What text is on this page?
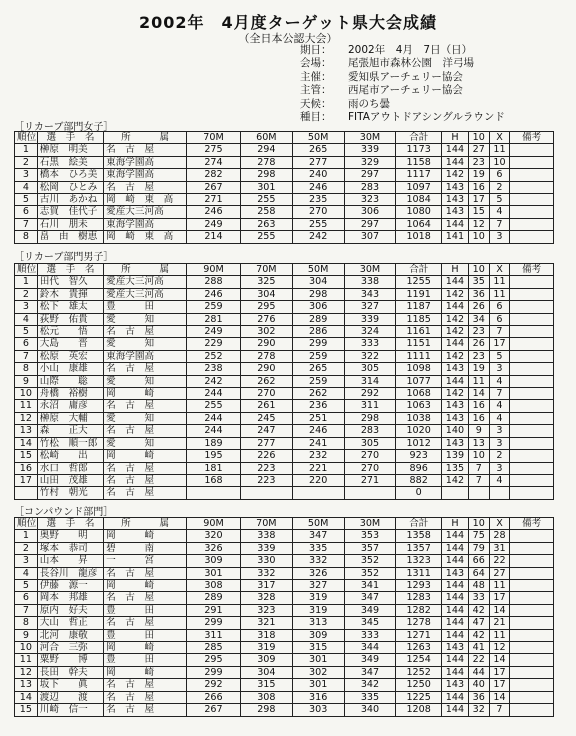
2002年　4月度ターゲット県大会成績
（全日本公認大会）
期日：	2002年　4月　7日（日）
会場：	尾張旭市森林公園　洋弓場
主催：	愛知県アーチェリー協会
主管：	西尾市アーチェリー協会
天候：	雨のち曇
種目：	FITAアウトドアシングルラウンド
［リカーブ部門女子］
順位	選　手　名	所　　　属	70M	60M	50M	30M	合計	H	10	X	備考
1	榊原　明美	名　古　屋	275	294	265	339	1173	144	27	11	
2	石黒　絵美	東海学園高	274	278	277	329	1158	144	23	10	
3	橋本　ひろ美	東海学園高	282	298	240	297	1117	142	19	6	
4	松岡　ひとみ	名　古　屋	267	301	246	283	1097	143	16	2	
5	古川　あかね	岡　崎　東　高	271	255	235	323	1084	143	17	5	
6	志賀　佳代子	愛産大三河高	246	258	270	306	1080	143	15	4	
7	石川　朋未	東海学園高	249	263	255	297	1064	144	12	7	
8	畠　由　樹恵	岡　崎　東　高	214	255	242	307	1018	141	10	3	
［リカーブ部門男子］
順位	選　手　名	所　　　属	90M	70M	50M	30M	合計	H	10	X	備考
1	田代　智久	愛産大三河高	288	325	304	338	1255	144	35	11	
2	鈴木　貴揮	愛産大三河高	246	304	298	343	1191	142	36	11	
3	松下　雄太	豊　　　田	259	295	306	327	1187	144	26	6	
4	荻野　佑貴	愛　　　知	281	276	289	339	1185	142	34	6	
5	松元　　悟	名　古　屋	249	302	286	324	1161	142	23	7	
6	大島　　晋	愛　　　知	229	290	299	333	1151	144	26	17	
7	松原　英宏	東海学園高	252	278	259	322	1111	142	23	5	
8	小山　康雄	名　古　屋	238	290	265	305	1098	143	19	3	
9	山際　　聡	愛　　　知	242	262	259	314	1077	144	11	4	
10	舟橋　裕樹	岡　　　崎	244	270	262	292	1068	142	14	7	
11	永沼　庸彦	名　古　屋	255	261	236	311	1063	143	16	4	
12	榊原　大輔	愛　　　知	244	245	251	298	1038	143	16	4	
13	森　　正大	名　古　屋	244	247	246	283	1020	140	9	3	
14	竹松　順一郎	愛　　　知	189	277	241	305	1012	143	13	3	
15	松崎　　出	岡　　　崎	195	226	232	270	923	139	10	2	
16	水口　哲郎	名　古　屋	181	223	221	270	896	135	7	3	
17	山田　茂雄	名　古　屋	168	223	220	271	882	142	7	4	
	竹村　朝光	名　古　屋					0				
［コンパウンド部門］
順位	選　手　名	所　　　属	90M	70M	50M	30M	合計	H	10	X	備考
1	奥野　　明	岡　　　崎	320	338	347	353	1358	144	75	28	
2	塚本　恭司	碧　　　南	326	339	335	357	1357	144	79	31	
3	山本　　昇	一　　　宮	309	330	332	352	1323	144	66	22	
4	長谷川　龍彦	名　古　屋	301	332	326	352	1311	143	64	27	
5	伊藤　源一	岡　　　崎	308	317	327	341	1293	144	48	11	
6	岡本　邦雄	名　古　屋	289	328	319	347	1283	144	33	17	
7	原内　好夫	豊　　　田	291	323	319	349	1282	144	42	14	
8	大山　哲正	名　古　屋	299	321	313	345	1278	144	47	21	
9	北河　康敬	豊　　　田	311	318	309	333	1271	144	42	11	
10	河合　三弥	岡　　　崎	285	319	315	344	1263	143	41	12	
11	粟野　　博	豊　　　田	295	309	301	349	1254	144	22	14	
12	長田　幹夫	岡　　　崎	299	304	302	347	1252	144	44	17	
13	坂下　　眞	名　古　屋	292	315	301	342	1250	143	40	17	
14	渡辺　　渡	名　古　屋	266	308	316	335	1225	144	36	14	
15	川崎　信一	名　古　屋	267	298	303	340	1208	144	32	7	
